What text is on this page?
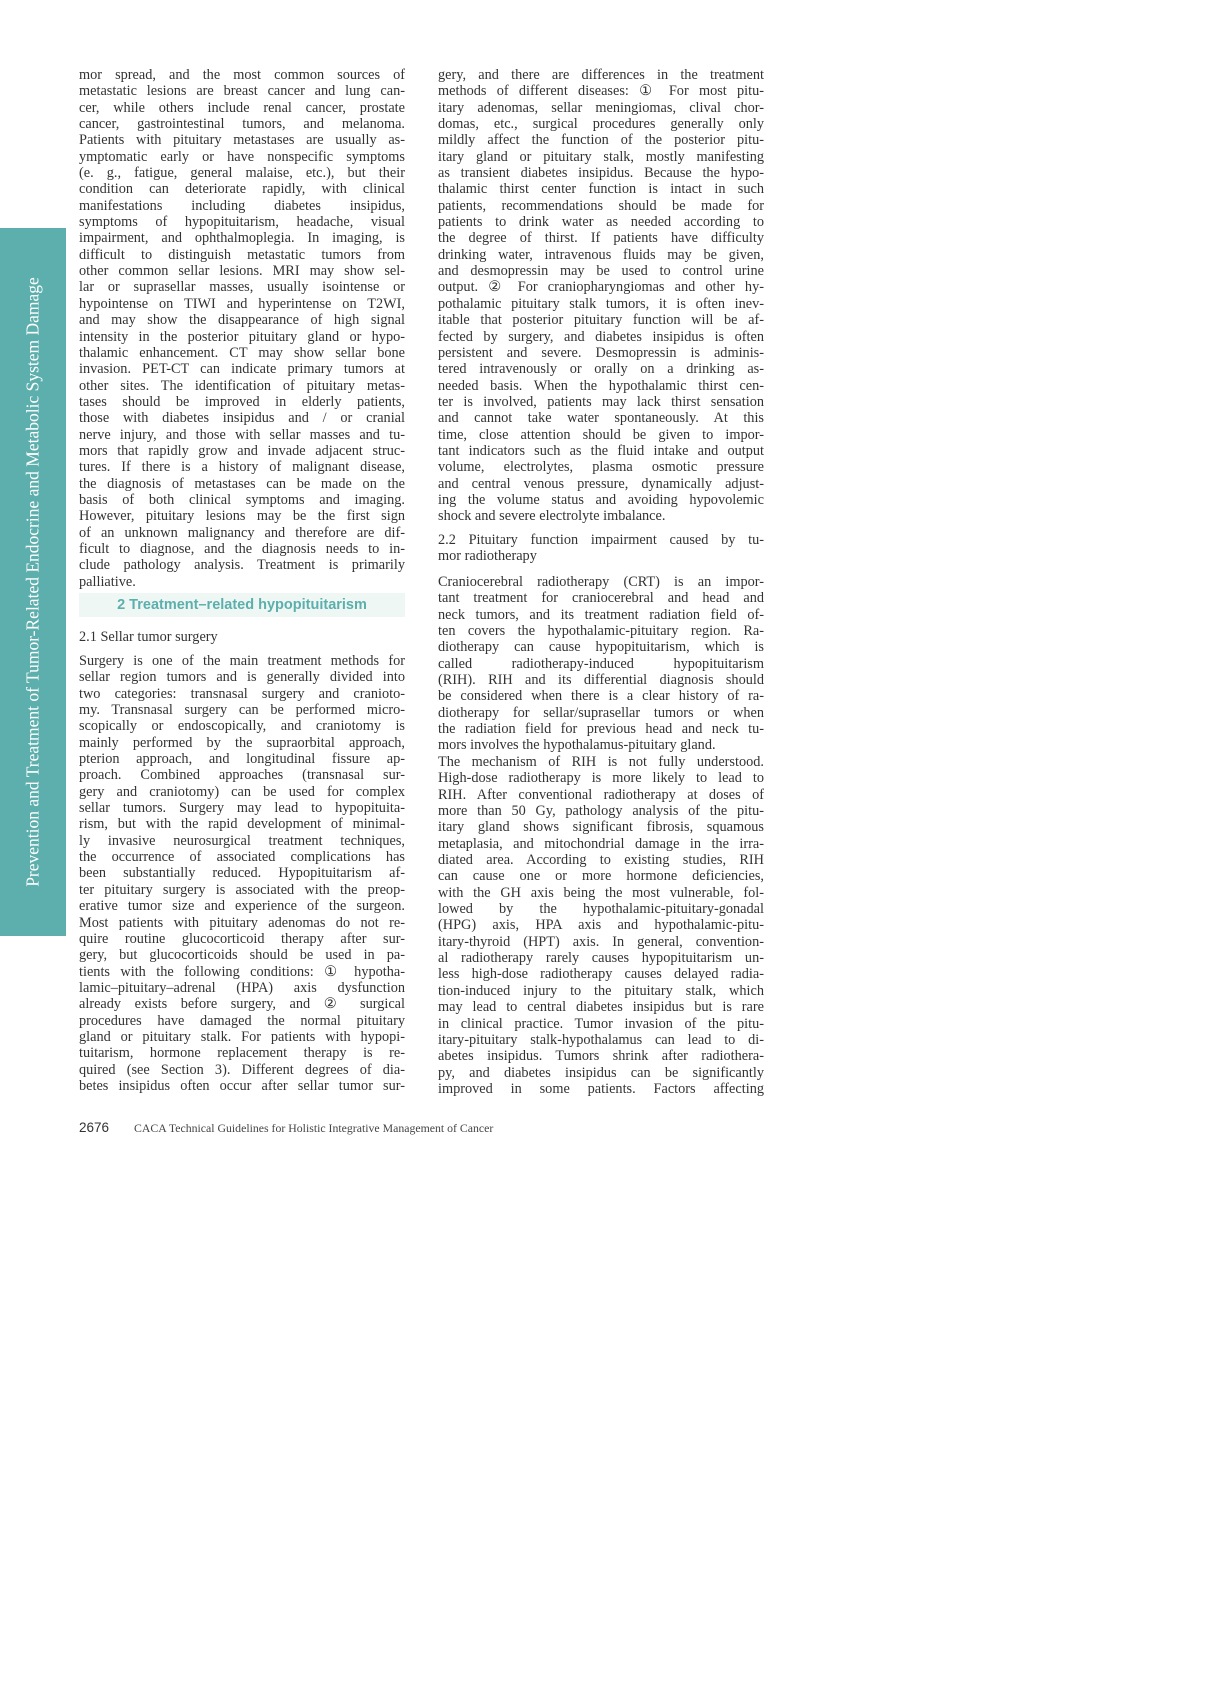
Prevention and Treatment of Tumor-Related Endocrine and Metabolic System Damage
mor spread, and the most common sources of
metastatic lesions are breast cancer and lung can-
cer, while others include renal cancer, prostate
cancer, gastrointestinal tumors, and melanoma.
Patients with pituitary metastases are usually as-
ymptomatic early or have nonspecific symptoms
(e. g., fatigue, general malaise, etc.), but their
condition can deteriorate rapidly, with clinical
manifestations including diabetes insipidus,
symptoms of hypopituitarism, headache, visual
impairment, and ophthalmoplegia. In imaging, is
difficult to distinguish metastatic tumors from
other common sellar lesions. MRI may show sel-
lar or suprasellar masses, usually isointense or
hypointense on TIWI and hyperintense on T2WI,
and may show the disappearance of high signal
intensity in the posterior pituitary gland or hypo-
thalamic enhancement. CT may show sellar bone
invasion. PET-CT can indicate primary tumors at
other sites. The identification of pituitary metas-
tases should be improved in elderly patients,
those with diabetes insipidus and / or cranial
nerve injury, and those with sellar masses and tu-
mors that rapidly grow and invade adjacent struc-
tures. If there is a history of malignant disease,
the diagnosis of metastases can be made on the
basis of both clinical symptoms and imaging.
However, pituitary lesions may be the first sign
of an unknown malignancy and therefore are dif-
ficult to diagnose, and the diagnosis needs to in-
clude pathology analysis. Treatment is primarily
palliative.
2 Treatment–related hypopituitarism
2.1 Sellar tumor surgery
Surgery is one of the main treatment methods for
sellar region tumors and is generally divided into
two categories: transnasal surgery and cranioto-
my. Transnasal surgery can be performed micro-
scopically or endoscopically, and craniotomy is
mainly performed by the supraorbital approach,
pterion approach, and longitudinal fissure ap-
proach. Combined approaches (transnasal sur-
gery and craniotomy) can be used for complex
sellar tumors. Surgery may lead to hypopituita-
rism, but with the rapid development of minimal-
ly invasive neurosurgical treatment techniques,
the occurrence of associated complications has
been substantially reduced. Hypopituitarism af-
ter pituitary surgery is associated with the preop-
erative tumor size and experience of the surgeon.
Most patients with pituitary adenomas do not re-
quire routine glucocorticoid therapy after sur-
gery, but glucocorticoids should be used in pa-
tients with the following conditions: ① hypotha-
lamic–pituitary–adrenal (HPA) axis dysfunction
already exists before surgery, and ② surgical
procedures have damaged the normal pituitary
gland or pituitary stalk. For patients with hypopi-
tuitarism, hormone replacement therapy is re-
quired (see Section 3). Different degrees of dia-
betes insipidus often occur after sellar tumor sur-
gery, and there are differences in the treatment
methods of different diseases: ① For most pitu-
itary adenomas, sellar meningiomas, clival chor-
domas, etc., surgical procedures generally only
mildly affect the function of the posterior pitu-
itary gland or pituitary stalk, mostly manifesting
as transient diabetes insipidus. Because the hypo-
thalamic thirst center function is intact in such
patients, recommendations should be made for
patients to drink water as needed according to
the degree of thirst. If patients have difficulty
drinking water, intravenous fluids may be given,
and desmopressin may be used to control urine
output. ② For craniopharyngiomas and other hy-
pothalamic pituitary stalk tumors, it is often inev-
itable that posterior pituitary function will be af-
fected by surgery, and diabetes insipidus is often
persistent and severe. Desmopressin is adminis-
tered intravenously or orally on a drinking as-
needed basis. When the hypothalamic thirst cen-
ter is involved, patients may lack thirst sensation
and cannot take water spontaneously. At this
time, close attention should be given to impor-
tant indicators such as the fluid intake and output
volume, electrolytes, plasma osmotic pressure
and central venous pressure, dynamically adjust-
ing the volume status and avoiding hypovolemic
shock and severe electrolyte imbalance.
2.2 Pituitary function impairment caused by tu-
mor radiotherapy
Craniocerebral radiotherapy (CRT) is an impor-
tant treatment for craniocerebral and head and
neck tumors, and its treatment radiation field of-
ten covers the hypothalamic-pituitary region. Ra-
diotherapy can cause hypopituitarism, which is
called radiotherapy-induced hypopituitarism
(RIH). RIH and its differential diagnosis should
be considered when there is a clear history of ra-
diotherapy for sellar/suprasellar tumors or when
the radiation field for previous head and neck tu-
mors involves the hypothalamus-pituitary gland.
The mechanism of RIH is not fully understood.
High-dose radiotherapy is more likely to lead to
RIH. After conventional radiotherapy at doses of
more than 50 Gy, pathology analysis of the pitu-
itary gland shows significant fibrosis, squamous
metaplasia, and mitochondrial damage in the irra-
diated area. According to existing studies, RIH
can cause one or more hormone deficiencies,
with the GH axis being the most vulnerable, fol-
lowed by the hypothalamic-pituitary-gonadal
(HPG) axis, HPA axis and hypothalamic-pitu-
itary-thyroid (HPT) axis. In general, convention-
al radiotherapy rarely causes hypopituitarism un-
less high-dose radiotherapy causes delayed radia-
tion-induced injury to the pituitary stalk, which
may lead to central diabetes insipidus but is rare
in clinical practice. Tumor invasion of the pitu-
itary-pituitary stalk-hypothalamus can lead to di-
abetes insipidus. Tumors shrink after radiothera-
py, and diabetes insipidus can be significantly
improved in some patients. Factors affecting
2676 CACA Technical Guidelines for Holistic Integrative Management of Cancer
